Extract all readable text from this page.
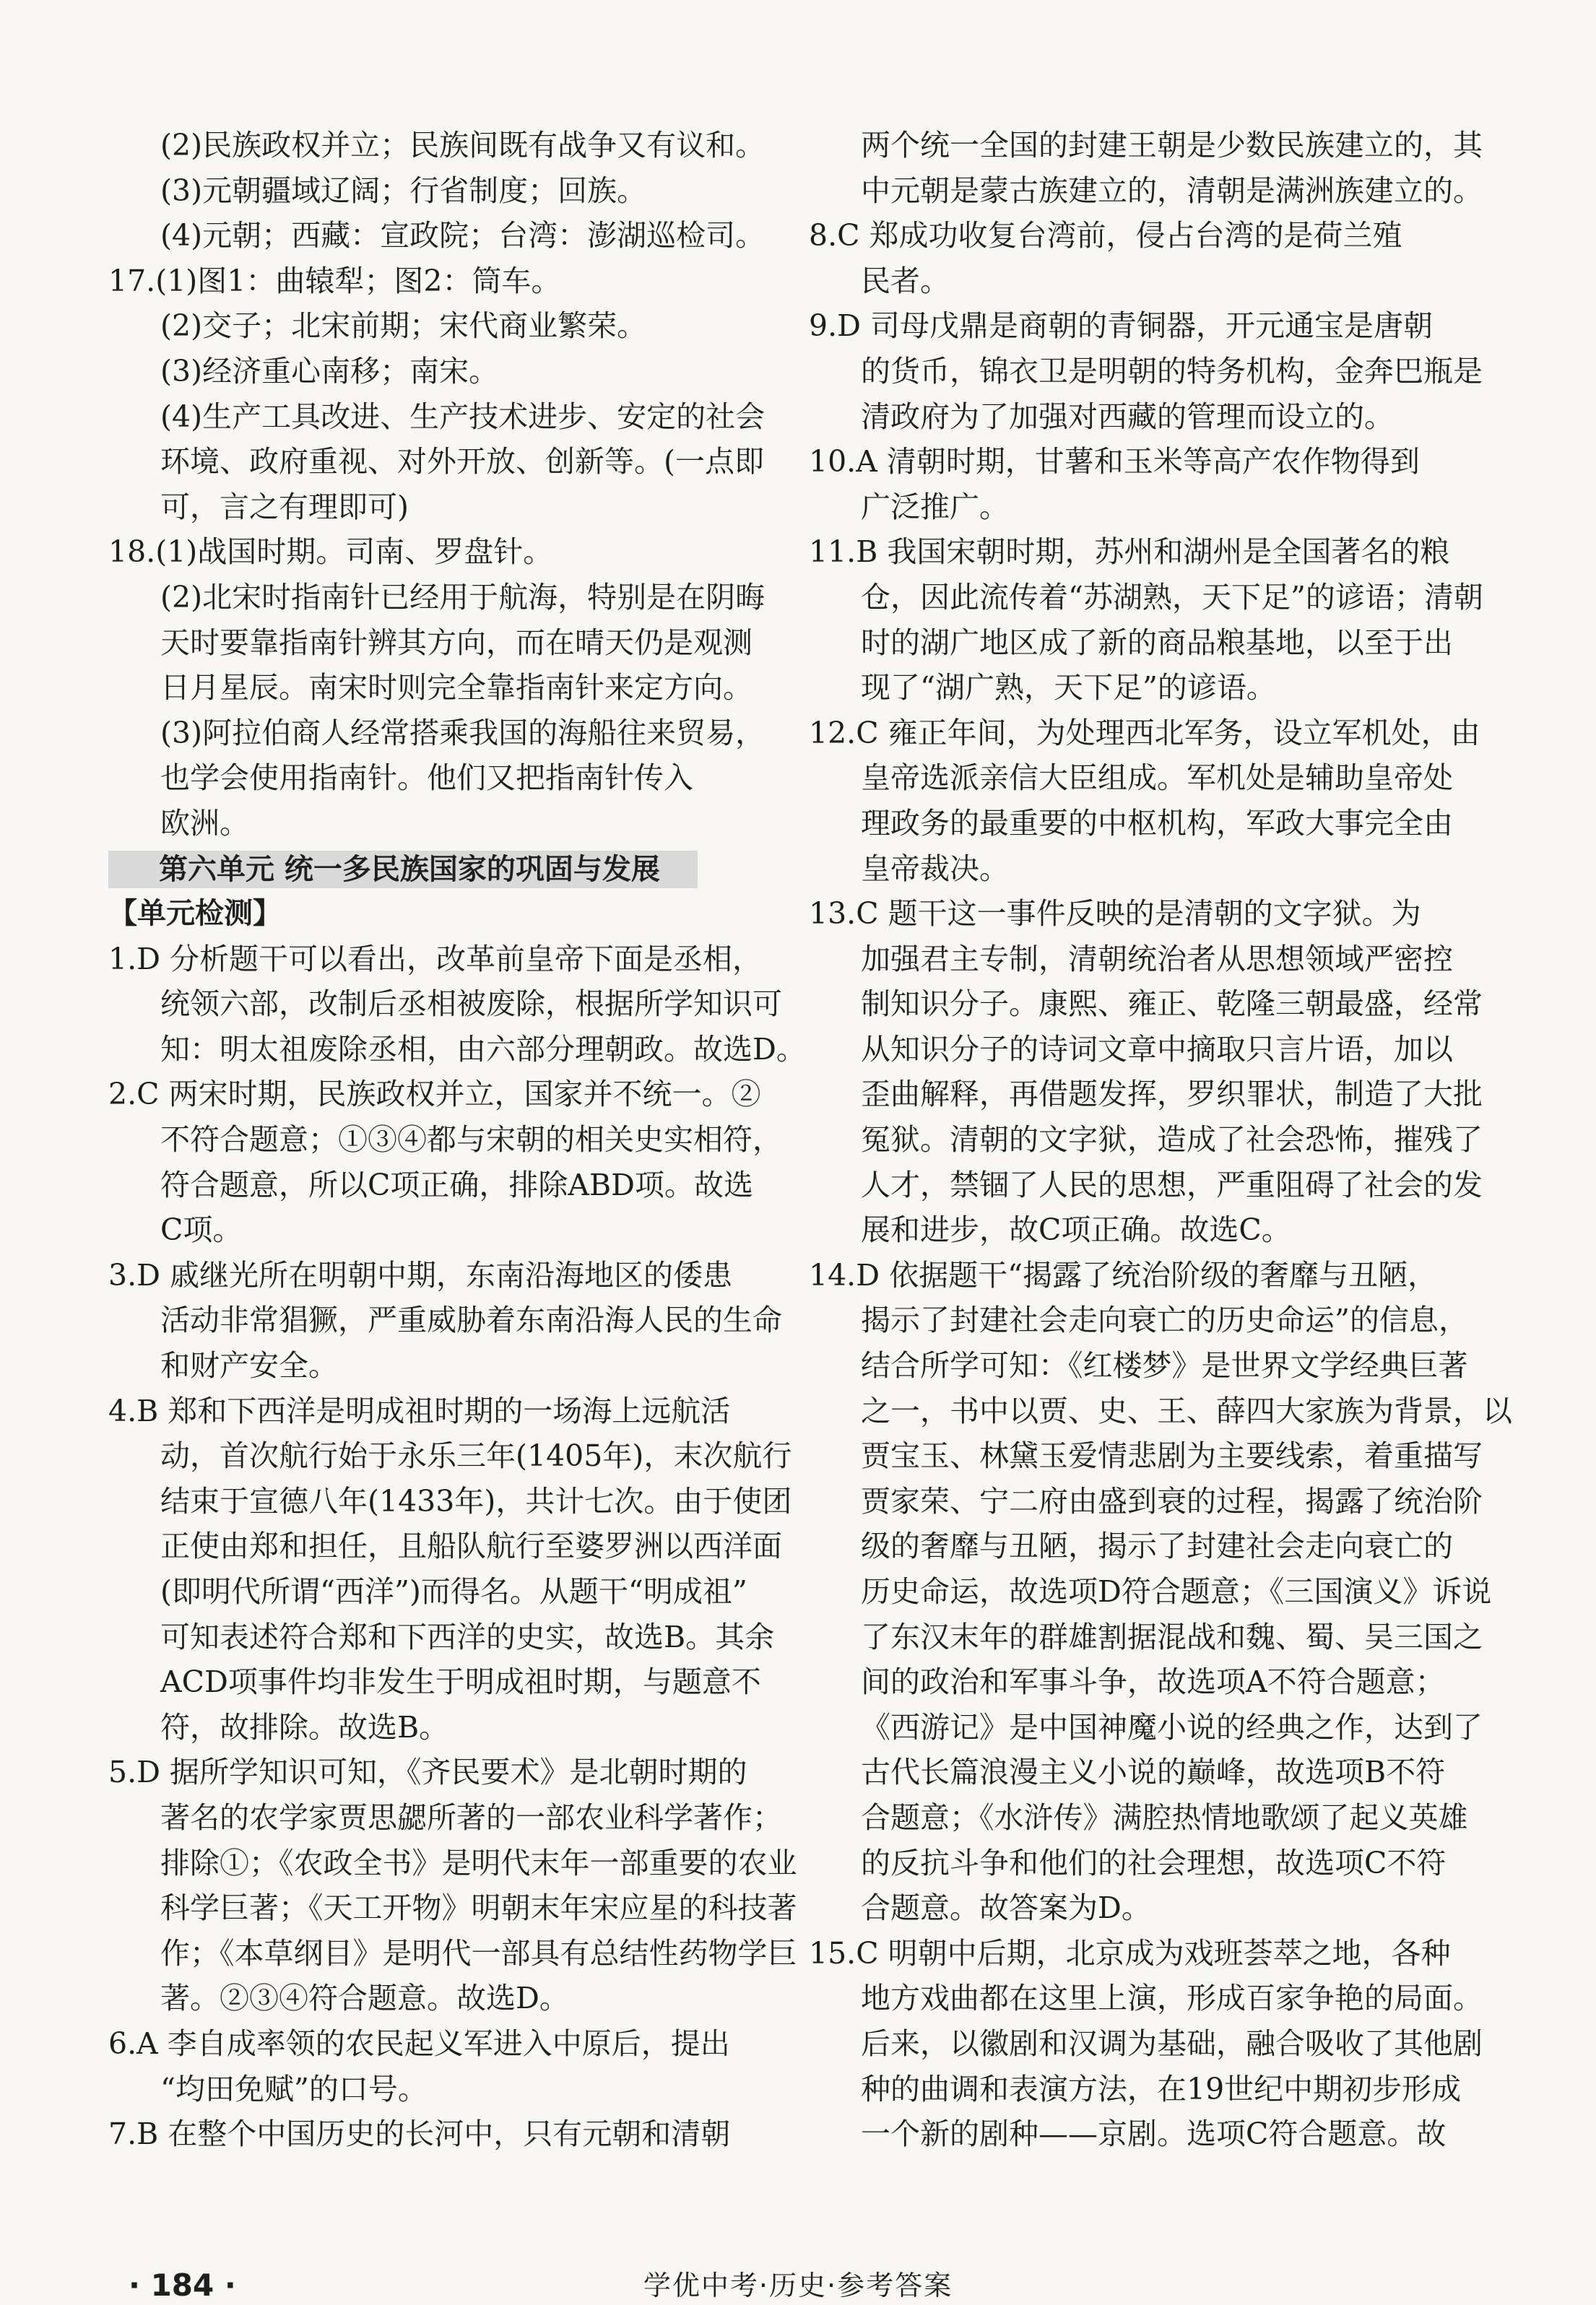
(2)民族政权并立；民族间既有战争又有议和。
(3)元朝疆域辽阔；行省制度；回族。
(4)元朝；西藏：宣政院；台湾：澎湖巡检司。
17.(1)图1：曲辕犁；图2：筒车。
(2)交子；北宋前期；宋代商业繁荣。
(3)经济重心南移；南宋。
(4)生产工具改进、生产技术进步、安定的社会
环境、政府重视、对外开放、创新等。(一点即
可，言之有理即可)
18.(1)战国时期。司南、罗盘针。
(2)北宋时指南针已经用于航海，特别是在阴晦
天时要靠指南针辨其方向，而在晴天仍是观测
日月星辰。南宋时则完全靠指南针来定方向。
(3)阿拉伯商人经常搭乘我国的海船往来贸易，
也学会使用指南针。他们又把指南针传入
欧洲。
第六单元 统一多民族国家的巩固与发展
【单元检测】
1.D 分析题干可以看出，改革前皇帝下面是丞相，
统领六部，改制后丞相被废除，根据所学知识可
知：明太祖废除丞相，由六部分理朝政。故选D。
2.C 两宋时期，民族政权并立，国家并不统一。②
不符合题意；①③④都与宋朝的相关史实相符，
符合题意，所以C项正确，排除ABD项。故选
C项。
3.D 戚继光所在明朝中期，东南沿海地区的倭患
活动非常猖獗，严重威胁着东南沿海人民的生命
和财产安全。
4.B 郑和下西洋是明成祖时期的一场海上远航活
动，首次航行始于永乐三年(1405年)，末次航行
结束于宣德八年(1433年)，共计七次。由于使团
正使由郑和担任，且船队航行至婆罗洲以西洋面
(即明代所谓“西洋”)而得名。从题干“明成祖”
可知表述符合郑和下西洋的史实，故选B。其余
ACD项事件均非发生于明成祖时期，与题意不
符，故排除。故选B。
5.D 据所学知识可知，《齐民要术》是北朝时期的
著名的农学家贾思勰所著的一部农业科学著作；
排除①；《农政全书》是明代末年一部重要的农业
科学巨著；《天工开物》明朝末年宋应星的科技著
作；《本草纲目》是明代一部具有总结性药物学巨
著。②③④符合题意。故选D。
6.A 李自成率领的农民起义军进入中原后，提出
“均田免赋”的口号。
7.B 在整个中国历史的长河中，只有元朝和清朝
两个统一全国的封建王朝是少数民族建立的，其
中元朝是蒙古族建立的，清朝是满洲族建立的。
8.C 郑成功收复台湾前，侵占台湾的是荷兰殖
民者。
9.D 司母戊鼎是商朝的青铜器，开元通宝是唐朝
的货币，锦衣卫是明朝的特务机构，金奔巴瓶是
清政府为了加强对西藏的管理而设立的。
10.A 清朝时期，甘薯和玉米等高产农作物得到
广泛推广。
11.B 我国宋朝时期，苏州和湖州是全国著名的粮
仓，因此流传着“苏湖熟，天下足”的谚语；清朝
时的湖广地区成了新的商品粮基地，以至于出
现了“湖广熟，天下足”的谚语。
12.C 雍正年间，为处理西北军务，设立军机处，由
皇帝选派亲信大臣组成。军机处是辅助皇帝处
理政务的最重要的中枢机构，军政大事完全由
皇帝裁决。
13.C 题干这一事件反映的是清朝的文字狱。为
加强君主专制，清朝统治者从思想领域严密控
制知识分子。康熙、雍正、乾隆三朝最盛，经常
从知识分子的诗词文章中摘取只言片语，加以
歪曲解释，再借题发挥，罗织罪状，制造了大批
冤狱。清朝的文字狱，造成了社会恐怖，摧残了
人才，禁锢了人民的思想，严重阻碍了社会的发
展和进步，故C项正确。故选C。
14.D 依据题干“揭露了统治阶级的奢靡与丑陋，
揭示了封建社会走向衰亡的历史命运”的信息，
结合所学可知：《红楼梦》是世界文学经典巨著
之一，书中以贾、史、王、薛四大家族为背景，以
贾宝玉、林黛玉爱情悲剧为主要线索，着重描写
贾家荣、宁二府由盛到衰的过程，揭露了统治阶
级的奢靡与丑陋，揭示了封建社会走向衰亡的
历史命运，故选项D符合题意；《三国演义》诉说
了东汉末年的群雄割据混战和魏、蜀、吴三国之
间的政治和军事斗争，故选项A不符合题意；
《西游记》是中国神魔小说的经典之作，达到了
古代长篇浪漫主义小说的巅峰，故选项B不符
合题意；《水浒传》满腔热情地歌颂了起义英雄
的反抗斗争和他们的社会理想，故选项C不符
合题意。故答案为D。
15.C 明朝中后期，北京成为戏班荟萃之地，各种
地方戏曲都在这里上演，形成百家争艳的局面。
后来，以徽剧和汉调为基础，融合吸收了其他剧
种的曲调和表演方法，在19世纪中期初步形成
一个新的剧种——京剧。选项C符合题意。故
· 184 ·	学优中考·历史·参考答案
